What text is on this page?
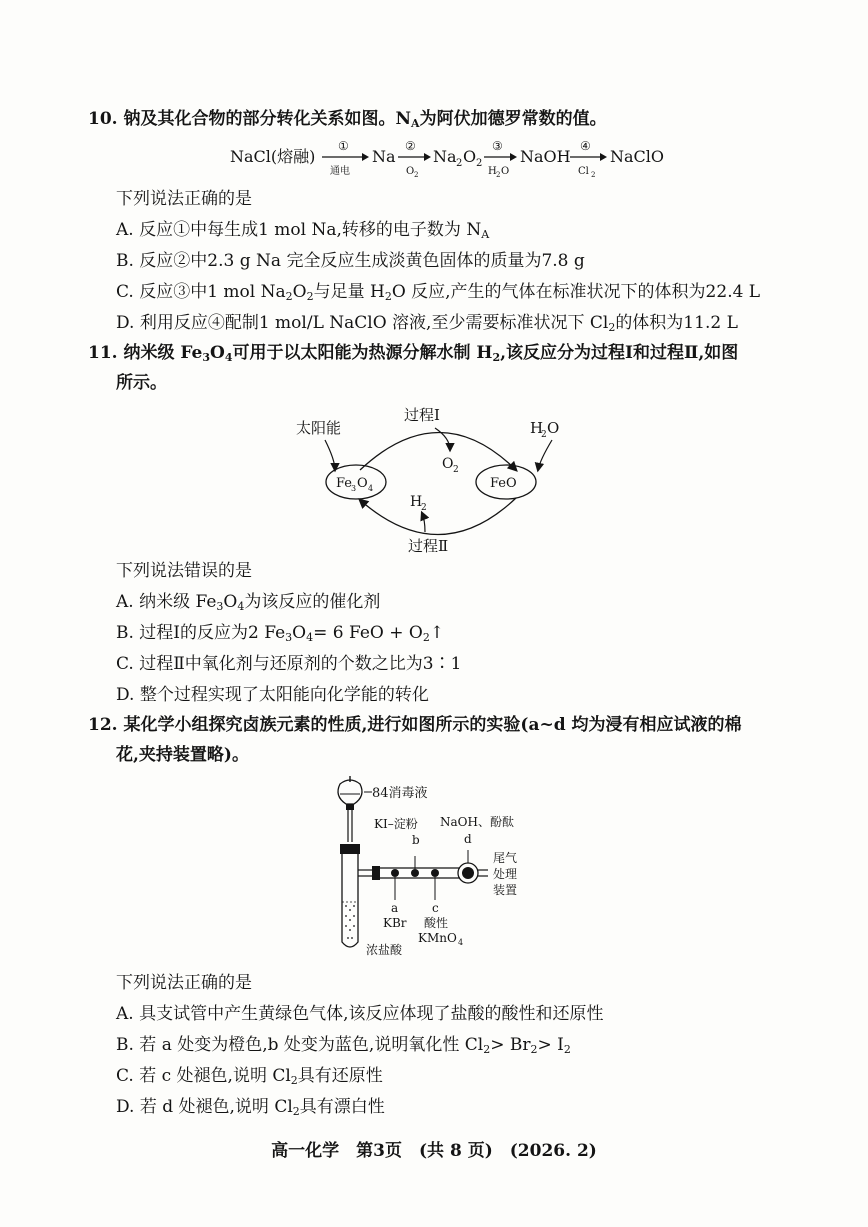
10. 钠及其化合物的部分转化关系如图。$N_A$为阿伏加德罗常数的值。
NaCl(熔融)
①
通电
Na
②
O 2
Na 2 O 2
③
H 2 O
NaOH
④
Cl 2
NaClO
下列说法正确的是
A. 反应①中每生成1 mol Na,转移的电子数为 $N_A$
B. 反应②中2.3 g Na 完全反应生成淡黄色固体的质量为7.8 g
C. 反应③中1 mol $Na_2O_2$与足量 $H_2O$ 反应,产生的气体在标准状况下的体积为22.4 L
D. 利用反应④配制1 mol/L NaClO 溶液,至少需要标准状况下 $Cl_2$的体积为11.2 L
11. 纳米级 $Fe_3O_4$可用于以太阳能为热源分解水制 $H_2$,该反应分为过程Ⅰ和过程Ⅱ,如图
所示。
太阳能
过程Ⅰ
O 2
H
2 O
Fe
3 O 4	FeO
H
2
过程Ⅱ
下列说法错误的是
A. 纳米级 $Fe_3O_4$为该反应的催化剂
B. 过程Ⅰ的反应为2 $Fe_3O_4= 6$ FeO + $O_2↑$
C. 过程Ⅱ中氧化剂与还原剂的个数之比为3∶1
D. 整个过程实现了太阳能向化学能的转化
12. 某化学小组探究卤族元素的性质,进行如图所示的实验(a~d 均为浸有相应试液的棉
花,夹持装置略)。
84消毒液
KI–淀粉
b
NaOH、酚酞
d
尾气
处理
装置
a
KBr
c
酸性
KMnO 4
浓盐酸
下列说法正确的是
A. 具支试管中产生黄绿色气体,该反应体现了盐酸的酸性和还原性
B. 若 a 处变为橙色,b 处变为蓝色,说明氧化性 $Cl_2> Br_2> I_2$
C. 若 c 处褪色,说明 $Cl_2$具有还原性
D. 若 d 处褪色,说明 $Cl_2$具有漂白性
高一化学　第3页　(共 8 页)　(2026. 2)
